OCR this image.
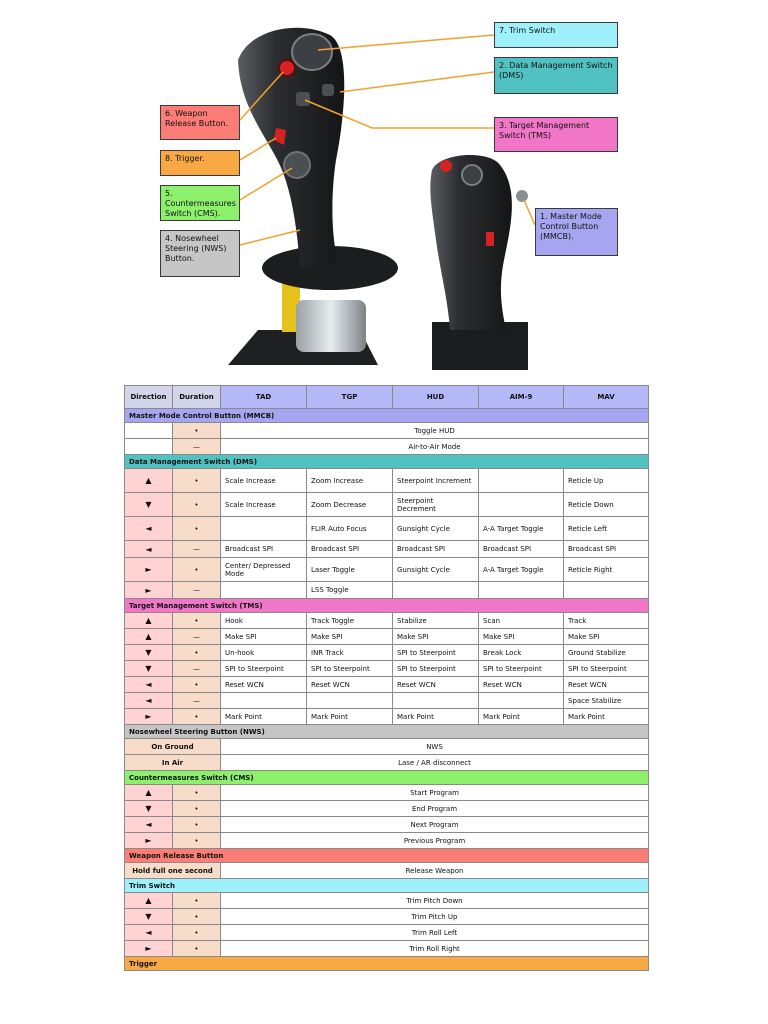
7. Trim Switch
2. Data Management Switch (DMS)
3. Target Management Switch (TMS)
6. Weapon Release Button.
8. Trigger.
5. Countermeasures Switch (CMS).
4. Nosewheel Steering (NWS) Button.
1. Master Mode Control Button (MMCB).
Direction	Duration	TAD	TGP	HUD	AIM-9	MAV
Master Mode Control Button (MMCB)						
	•	Toggle HUD				
	—	Air-to-Air Mode				
Data Management Switch (DMS)						
▲	•	Scale Increase	Zoom Increase	Steerpoint Increment		Reticle Up
▼	•	Scale Increase	Zoom Decrease	Steerpoint Decrement		Reticle Down
◄	•		FLIR Auto Focus	Gunsight Cycle	A-A Target Toggle	Reticle Left
◄	—	Broadcast SPI	Broadcast SPI	Broadcast SPI	Broadcast SPI	Broadcast SPI
►	•	Center/ Depressed Mode	Laser Toggle	Gunsight Cycle	A-A Target Toggle	Reticle Right
►	—		LSS Toggle			
Target Management Switch (TMS)						
▲	•	Hook	Track Toggle	Stabilize	Scan	Track
▲	—	Make SPI	Make SPI	Make SPI	Make SPI	Make SPI
▼	•	Un-hook	INR Track	SPI to Steerpoint	Break Lock	Ground Stabilize
▼	—	SPI to Steerpoint	SPI to Steerpoint	SPI to Steerpoint	SPI to Steerpoint	SPI to Steerpoint
◄	•	Reset WCN	Reset WCN	Reset WCN	Reset WCN	Reset WCN
◄	—					Space Stabilize
►	•	Mark Point	Mark Point	Mark Point	Mark Point	Mark Point
Nosewheel Steering Button (NWS)						
On Ground		NWS				
In Air		Lase / AR disconnect				
Countermeasures Switch (CMS)						
▲	•	Start Program				
▼	•	End Program				
◄	•	Next Program				
►	•	Previous Program				
Weapon Release Button						
Hold full one second		Release Weapon				
Trim Switch						
▲	•	Trim Pitch Down				
▼	•	Trim Pitch Up				
◄	•	Trim Roll Left				
►	•	Trim Roll Right				
Trigger						
